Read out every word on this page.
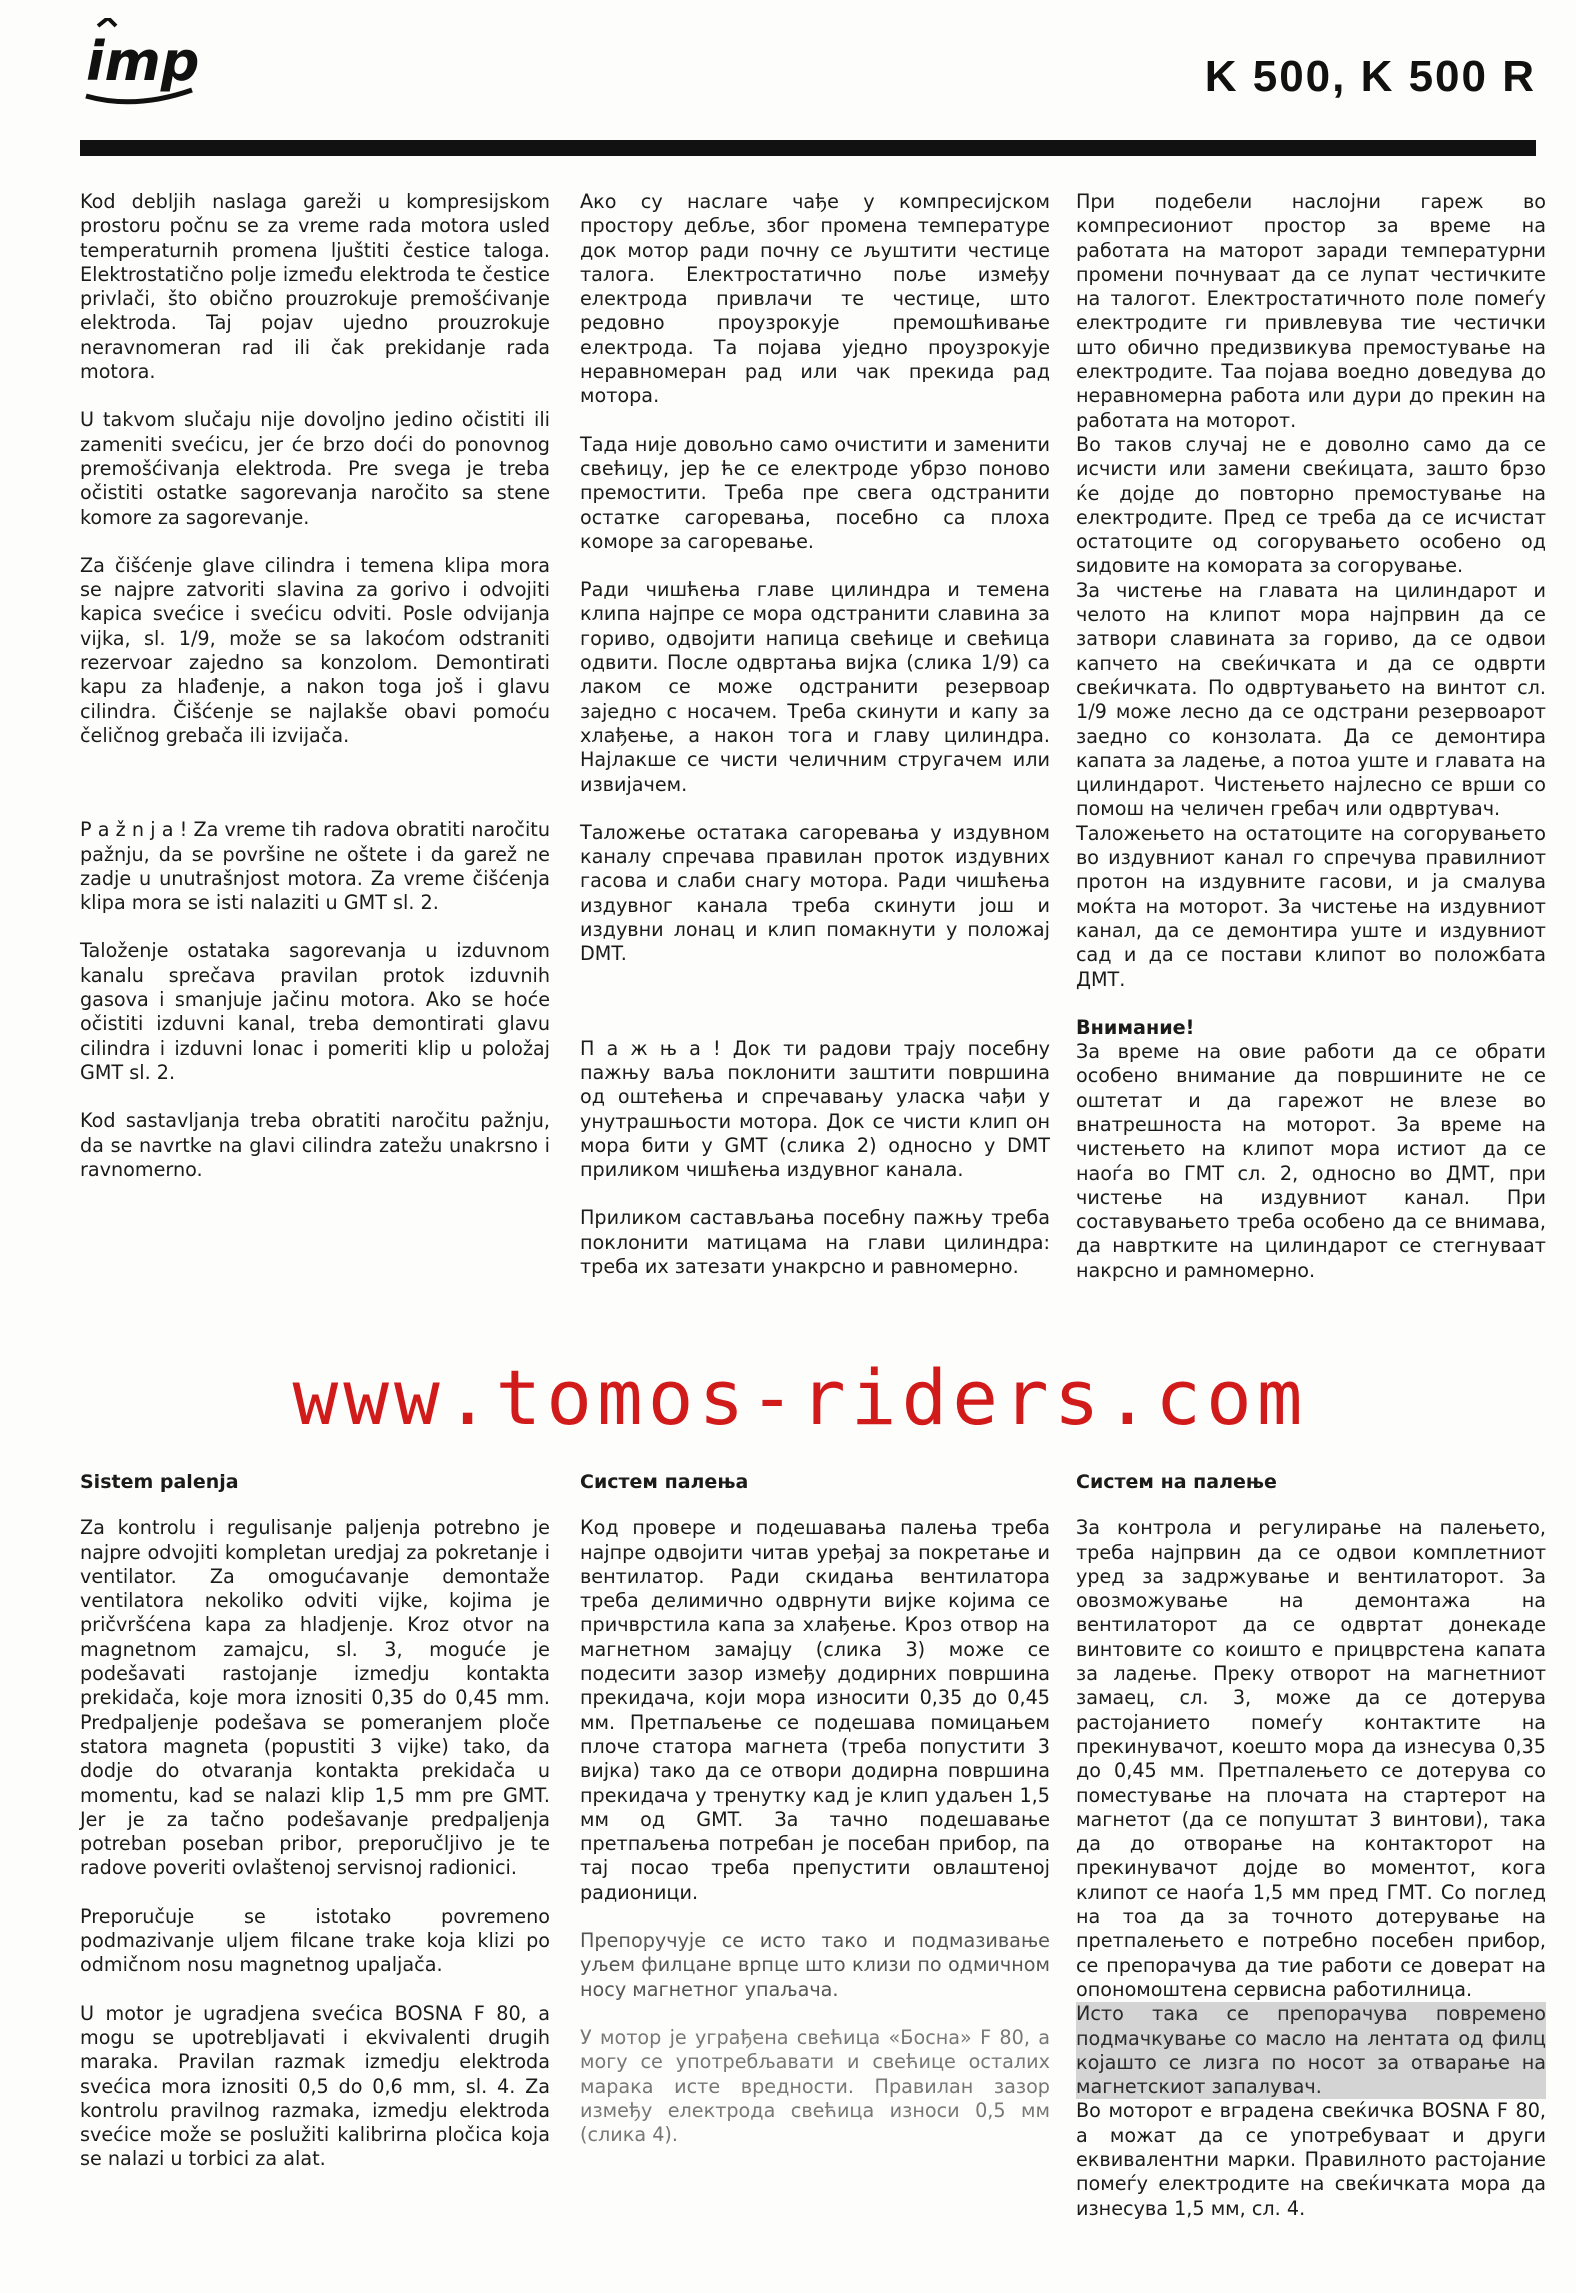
imp	K 500, K 500 R

Kod debljih naslaga gareži u kompresijskom prostoru počnu se za vreme rada motora usled temperaturnih promena ljuštiti čestice taloga. Elektrostatično polje između elektroda te čestice privlači, što obično prouzrokuje premošćivanje elektroda. Taj pojav ujedno prouzrokuje neravnomeran rad ili čak prekidanje rada motora.

U takvom slučaju nije dovoljno jedino očistiti ili zameniti svećicu, jer će brzo doći do ponovnog premošćivanja elektroda. Pre svega je treba očistiti ostatke sagorevanja naročito sa stene komore za sagorevanje.

Za čišćenje glave cilindra i temena klipa mora se najpre zatvoriti slavina za gorivo i odvojiti kapica svećice i svećicu odviti. Posle odvijanja vijka, sl. 1/9, može se sa lakoćom odstraniti rezervoar zajedno sa konzolom. Demontirati kapu za hlađenje, a nakon toga još i glavu cilindra. Čišćenje se najlakše obavi pomoću čeličnog grebača ili izvijača.

P a ž n j a ! Za vreme tih radova obratiti naročitu pažnju, da se površine ne oštete i da garež ne zadje u unutrašnjost motora. Za vreme čišćenja klipa mora se isti nalaziti u GMT sl. 2.

Taloženje ostataka sagorevanja u izduvnom kanalu sprečava pravilan protok izduvnih gasova i smanjuje jačinu motora. Ako se hoće očistiti izduvni kanal, treba demontirati glavu cilindra i izduvni lonac i pomeriti klip u položaj GMT sl. 2.

Kod sastavljanja treba obratiti naročitu pažnju, da se navrtke na glavi cilindra zatežu unakrsno i ravnomerno.

Ако су наслаге чађе у компресијском простору дебље, због промена температуре док мотор ради почну се љуштити честице талога. Електростатично поље између електрода привлачи те честице, што редовно проузрокује премошћивање електрода. Та појава уједно проузрокује неравномеран рад или чак прекида рад мотора.

Тада није довољно само очистити и заменити свећицу, јер ће се електроде убрзо поново премостити. Треба пре свега одстранити остатке сагоревања, посебно са плоха коморе за сагоревање.

Ради чишћења главе цилиндра и темена клипа најпре се мора одстранити славина за гориво, одвојити напица свећице и свећица одвити. После одвртања вијка (слика 1/9) са лаком се може одстранити резервоар заједно с носачем. Треба скинути и капу за хлађење, а након тога и главу цилиндра. Најлакше се чисти челичним стругачем или извијачем.

Таложење остатака сагоревања у издувном каналу спречава правилан проток издувних гасова и слаби снагу мотора. Ради чишћења издувног канала треба скинути још и издувни лонац и клип помакнути у положај DMT.

П а ж њ а ! Док ти радови трају посебну пажњу ваља поклонити заштити површина од оштећења и спречавању уласка чађи у унутрашњости мотора. Док се чисти клип он мора бити у GMT (слика 2) односно у DMT приликом чишћења издувног канала.

Приликом састављања посебну пажњу треба поклонити матицама на глави цилиндра: треба их затезати унакрсно и равномерно.

При подебели наслојни гареж во компресиониот простор за време на работата на маторот заради температурни промени почнуваат да се лупат честичките на талогот. Електростатичното поле помеѓу електродите ги привлевува тие честички што обично предизвикува премостување на електродите. Таа појава воедно доведува до неравномерна работа или дури до прекин на работата на моторот.

Во таков случај не е доволно само да се исчисти или замени свеќицата, зашто брзо ќе дојде до повторно премостување на електродите. Пред се треба да се исчистат остатоците од согорувањето особено од ѕидовите на комората за согорување.

За чистење на главата на цилиндарот и челото на клипот мора најпрвин да се затвори славината за гориво, да се одвои капчето на свеќичката и да се одврти свеќичката. По одвртувањето на винтот сл. 1/9 може лесно да се одстрани резервоарот заедно со конзолата. Да се демонтира капата за ладење, а потоа уште и главата на цилиндарот. Чистењето најлесно се врши со помош на челичен гребач или одвртувач.

Таложењето на остатоците на согорувањето во издувниот канал го спречува правилниот протон на издувните гасови, и ја смалува моќта на моторот. За чистење на издувниот канал, да се демонтира уште и издувниот сад и да се постави клипот во положбата ДМТ.

Внимание!

За време на овие работи да се обрати особено внимание да површините не се оштетат и да гарежот не влезе во внатрешноста на моторот. За време на чистењето на клипот мора истиот да се наоѓа во ГМТ сл. 2, односно во ДМТ, при чистење на издувниот канал. При составувањето треба особено да се внимава, да навртките на цилиндарот се стегнуваат накрсно и рамномерно.

www.tomos-riders.com

Sistem palenja

Za kontrolu i regulisanje paljenja potrebno je najpre odvojiti kompletan uredjaj za pokretanje i ventilator. Za omogućavanje demontaže ventilatora nekoliko odviti vijke, kojima je pričvršćena kapa za hladjenje. Kroz otvor na magnetnom zamajcu, sl. 3, moguće je podešavati rastojanje izmedju kontakta prekidača, koje mora iznositi 0,35 do 0,45 mm. Predpaljenje podešava se pomeranjem ploče statora magneta (popustiti 3 vijke) tako, da dodje do otvaranja kontakta prekidača u momentu, kad se nalazi klip 1,5 mm pre GMT. Jer je za tačno podešavanje predpaljenja potreban poseban pribor, preporučljivo je te radove poveriti ovlaštenoj servisnoj radionici.

Preporučuje se istotako povremeno podmazivanje uljem filcane trake koja klizi po odmičnom nosu magnetnog upaljača.

U motor je ugradjena svećica BOSNA F 80, a mogu se upotrebljavati i ekvivalenti drugih maraka. Pravilan razmak izmedju elektroda svećica mora iznositi 0,5 do 0,6 mm, sl. 4. Za kontrolu pravilnog razmaka, izmedju elektroda svećice može se poslužiti kalibrirna pločica koja se nalazi u torbici za alat.

Систем палења

Код провере и подешавања палења треба најпре одвојити читав уређај за покретање и вентилатор. Ради скидања вентилатора треба делимично одврнути вијке којима се причврстила капа за хлађење. Кроз отвор на магнетном замајцу (слика 3) може се подесити зазор између додирних површина прекидача, који мора износити 0,35 до 0,45 мм. Претпаљење се подешава помицањем плоче статора магнета (треба попустити 3 вијка) тако да се отвори додирна површина прекидача у тренутку кад је клип удаљен 1,5 мм од GMT. За тачно подешавање претпаљења потребан је посебан прибор, па тај посао треба препустити овлаштеној радионици.

Препоручује се исто тако и подмазивање уљем филцане врпце што клизи по одмичном носу магнетног упаљача.

У мотор је уграђена свећица «Босна» F 80, а могу се употребљавати и свећице осталих марака исте вредности. Правилан зазор између електрода свећица износи 0,5 мм (слика 4).

Систем на палење

За контрола и регулирање на палењето, треба најпрвин да се одвои комплетниот уред за задржување и вентилаторот. За овозможување на демонтажа на вентилаторот да се одвртат донекаде винтовите со коишто е прицврстена капата за ладење. Преку отворот на магнетниот замаец, сл. 3, може да се дотерува растојанието помеѓу контактите на прекинувачот, коешто мора да изнесува 0,35 до 0,45 мм. Претпалењето се дотерува со поместување на плочата на стартерот на магнетот (да се попуштат 3 винтови), така да до отворање на контакторот на прекинувачот дојде во моментот, кога клипот се наоѓа 1,5 мм пред ГМТ. Со поглед на тоа да за точното дотерување на претпалењето е потребно посебен прибор, се препорачува да тие работи се доверат на опономоштена сервисна работилница.

Исто така се препорачува повремено подмачкување со масло на лентата од филц којашто се лизга по носот за отварање на магнетскиот запалувач.

Во моторот е вградена свеќичка BOSNA F 80, а можат да се употребуваат и други еквивалентни марки. Правилното растојание помеѓу електродите на свеќичката мора да изнесува 1,5 мм, сл. 4.
